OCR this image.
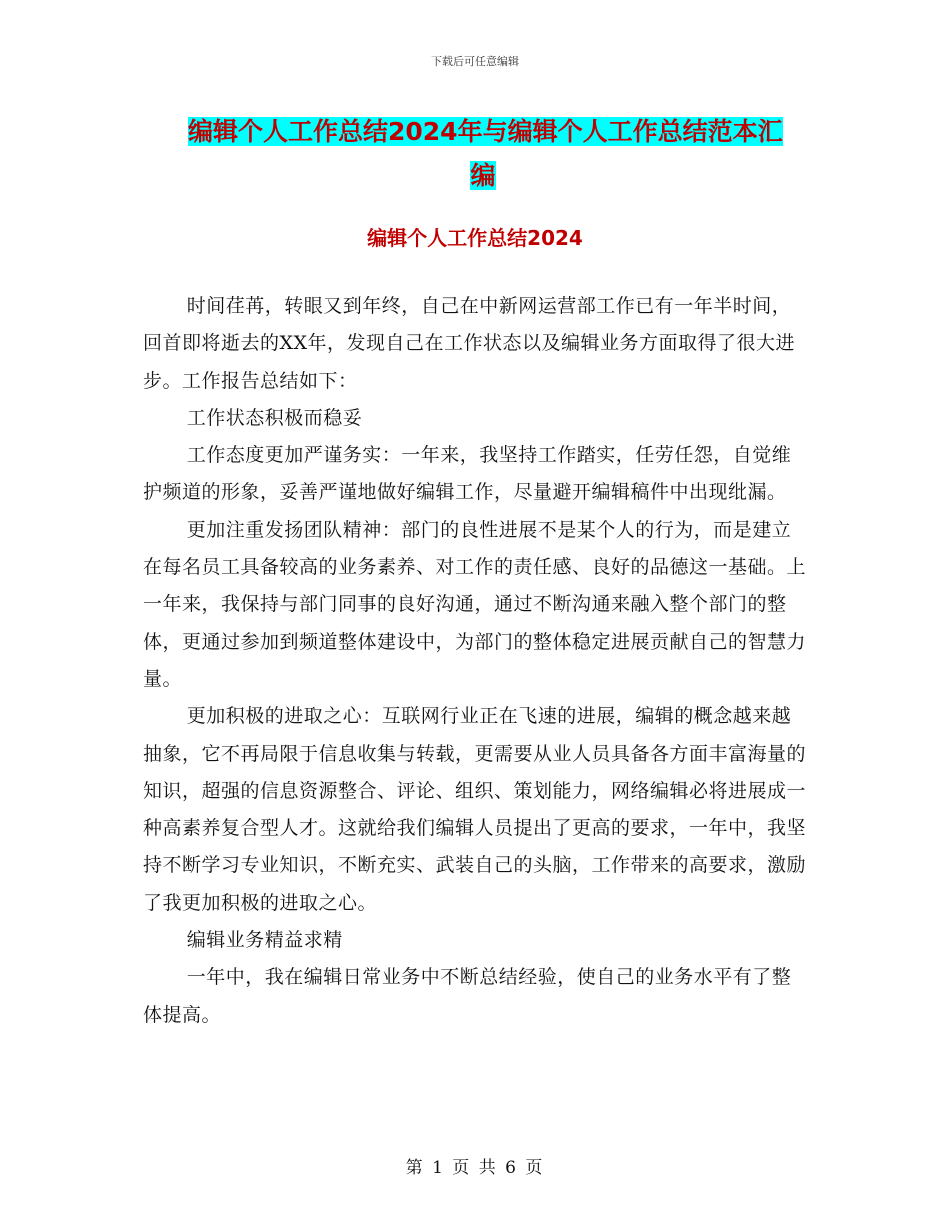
下载后可任意编辑
编辑个人工作总结2024年与编辑个人工作总结范本汇
编
编辑个人工作总结2024

时间荏苒，转眼又到年终，自己在中新网运营部工作已有一年半时间，回首即将逝去的XX年，发现自己在工作状态以及编辑业务方面取得了很大进步。工作报告总结如下：

工作状态积极而稳妥

工作态度更加严谨务实：一年来，我坚持工作踏实，任劳任怨，自觉维护频道的形象，妥善严谨地做好编辑工作，尽量避开编辑稿件中出现纰漏。

更加注重发扬团队精神：部门的良性进展不是某个人的行为，而是建立在每名员工具备较高的业务素养、对工作的责任感、良好的品德这一基础。上一年来，我保持与部门同事的良好沟通，通过不断沟通来融入整个部门的整体，更通过参加到频道整体建设中，为部门的整体稳定进展贡献自己的智慧力量。

更加积极的进取之心：互联网行业正在飞速的进展，编辑的概念越来越抽象，它不再局限于信息收集与转载，更需要从业人员具备各方面丰富海量的知识，超强的信息资源整合、评论、组织、策划能力，网络编辑必将进展成一种高素养复合型人才。这就给我们编辑人员提出了更高的要求，一年中，我坚持不断学习专业知识，不断充实、武装自己的头脑，工作带来的高要求，激励了我更加积极的进取之心。

编辑业务精益求精

一年中，我在编辑日常业务中不断总结经验，使自己的业务水平有了整体提高。

第 1 页 共 6 页
